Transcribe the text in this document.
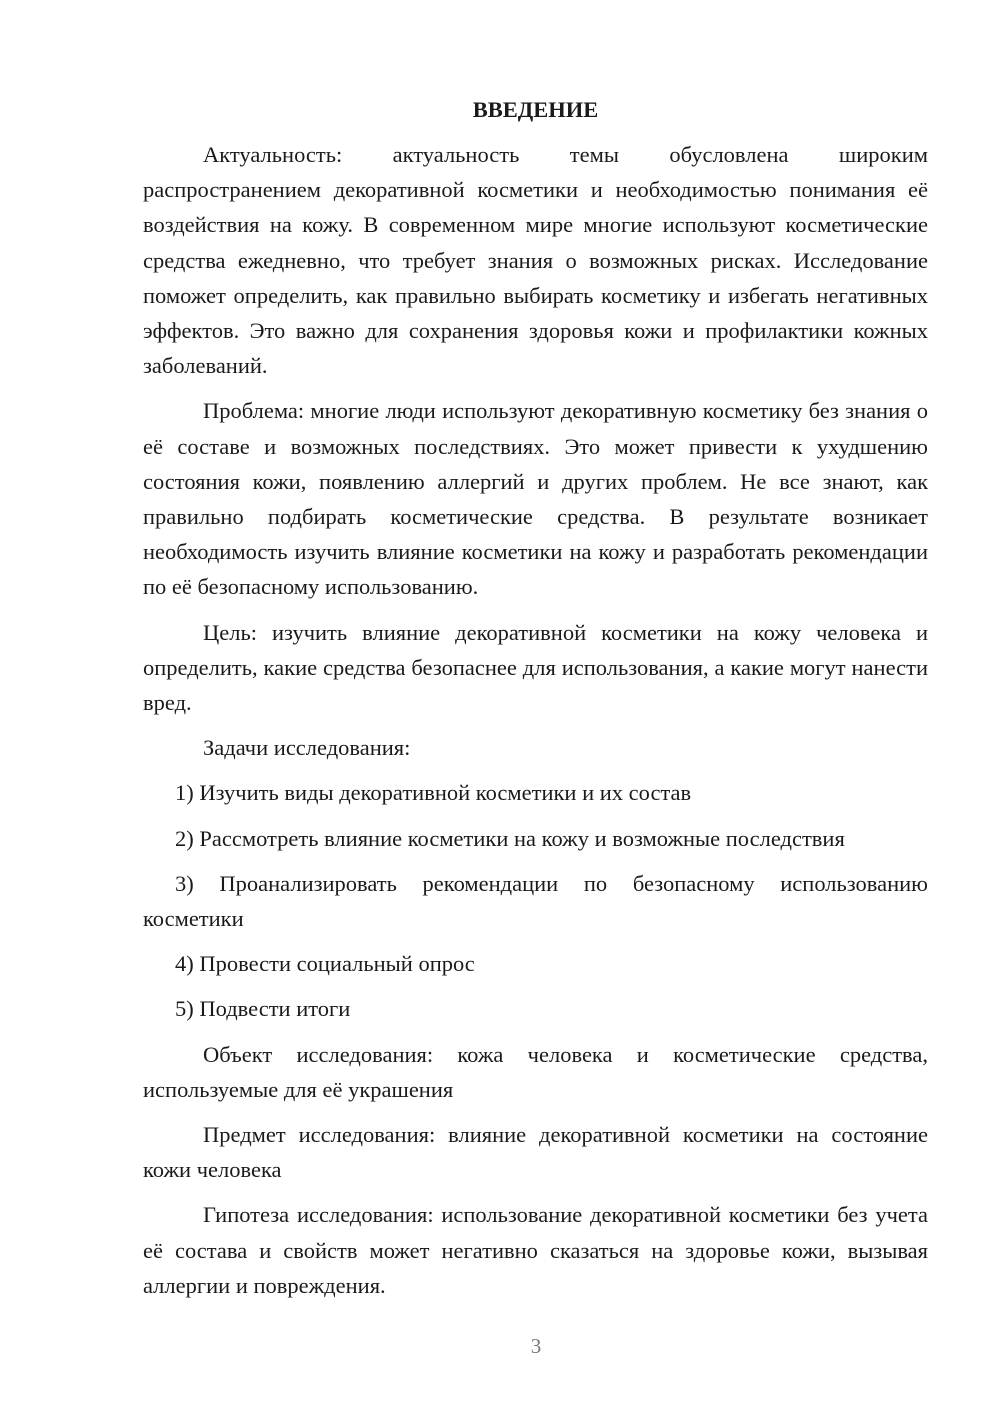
ВВЕДЕНИЕ
Актуальность: актуальность темы обусловлена широким распространением декоративной косметики и необходимостью понимания её воздействия на кожу. В современном мире многие используют косметические средства ежедневно, что требует знания о возможных рисках. Исследование поможет определить, как правильно выбирать косметику и избегать негативных эффектов. Это важно для сохранения здоровья кожи и профилактики кожных заболеваний.
Проблема: многие люди используют декоративную косметику без знания о её составе и возможных последствиях. Это может привести к ухудшению состояния кожи, появлению аллергий и других проблем. Не все знают, как правильно подбирать косметические средства. В результате возникает необходимость изучить влияние косметики на кожу и разработать рекомендации по её безопасному использованию.
Цель: изучить влияние декоративной косметики на кожу человека и определить, какие средства безопаснее для использования, а какие могут нанести вред.
Задачи исследования:
1) Изучить виды декоративной косметики и их состав
2) Рассмотреть влияние косметики на кожу и возможные последствия
3) Проанализировать рекомендации по безопасному использованию косметики
4) Провести социальный опрос
5) Подвести итоги
Объект исследования: кожа человека и косметические средства, используемые для её украшения
Предмет исследования: влияние декоративной косметики на состояние кожи человека
Гипотеза исследования: использование декоративной косметики без учета её состава и свойств может негативно сказаться на здоровье кожи, вызывая аллергии и повреждения.
3
